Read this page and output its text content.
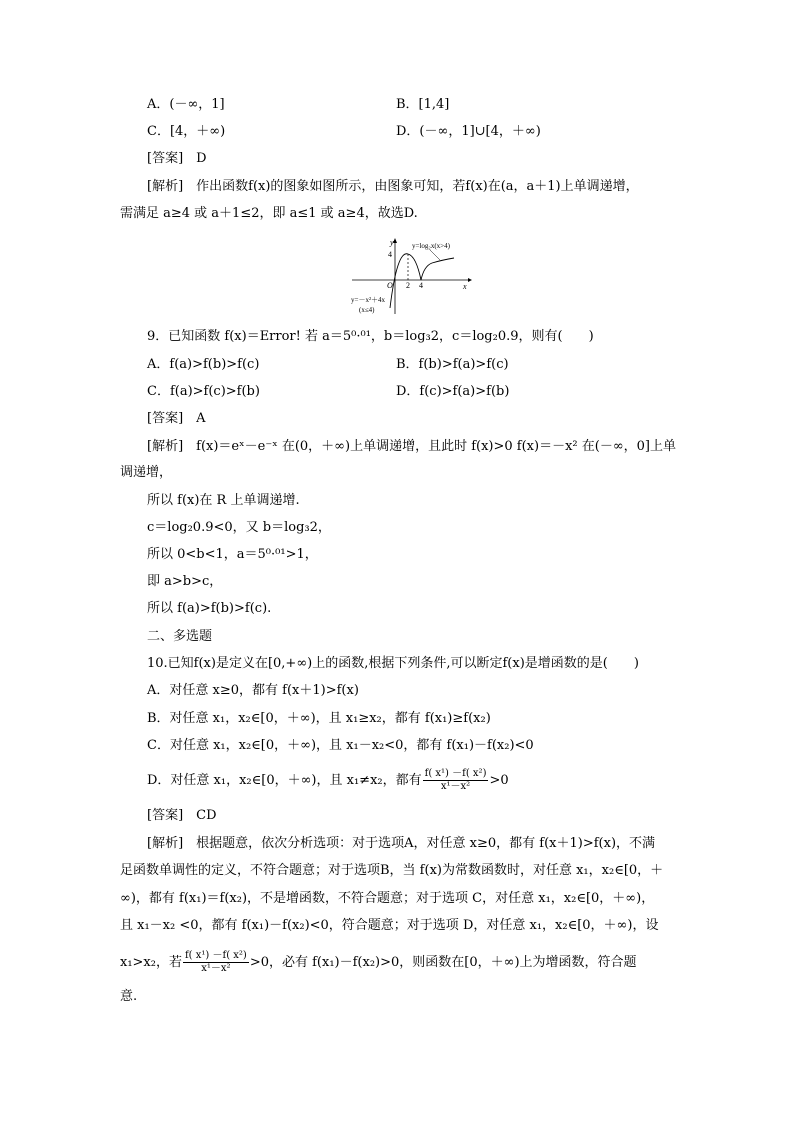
A．(－∞，1]	B．[1,4]
C．[4，＋∞)	D．(－∞，1]∪[4，＋∞)
[答案]　D
[解析]　作出函数f(x)的图象如图所示，由图象可知，若f(x)在(a，a＋1)上单调递增，
需满足 a≥4 或 a＋1≤2，即 a≤1 或 a≥4，故选D.
y
x
O
4
2 4
y=log₂x(x>4)
y=－x²＋4x
(x≤4)
9．已知函数 f(x)＝Error! 若 a＝5⁰·⁰¹，b＝log₃2，c＝log₂0.9，则有(　　)
A．f(a)>f(b)>f(c)	B．f(b)>f(a)>f(c)
C．f(a)>f(c)>f(b)	D．f(c)>f(a)>f(b)
[答案]　A
[解析]　f(x)＝eˣ－e⁻ˣ 在(0，＋∞)上单调递增，且此时 f(x)>0 f(x)＝－x² 在(－∞，0]上单
调递增，
所以 f(x)在 R 上单调递增.
c＝log₂0.9<0，又 b＝log₃2，
所以 0<b<1，a＝5⁰·⁰¹>1，
即 a>b>c，
所以 f(a)>f(b)>f(c).
二、多选题
10.已知f(x)是定义在[0,+∞)上的函数,根据下列条件,可以断定f(x)是增函数的是(　　)
A．对任意 x≥0，都有 f(x＋1)>f(x)
B．对任意 x₁，x₂∈[0，＋∞)，且 x₁≥x₂，都有 f(x₁)≥f(x₂)
C．对任意 x₁，x₂∈[0，＋∞)，且 x₁－x₂<0，都有 f(x₁)－f(x₂)<0
D．对任意 x₁，x₂∈[0，＋∞)，且 x₁≠x₂，都有 $\frac{\text{f( x¹) －f( x²)}}{\text{x¹－x²}} >0$
[答案]　CD
[解析]　根据题意，依次分析选项：对于选项A，对任意 x≥0，都有 f(x＋1)>f(x)，不满
足函数单调性的定义，不符合题意；对于选项B，当 f(x)为常数函数时，对任意 x₁，x₂∈[0，＋
∞)，都有 f(x₁)＝f(x₂)，不是增函数，不符合题意；对于选项 C，对任意 x₁，x₂∈[0，＋∞)，
且 x₁－x₂ <0，都有 f(x₁)－f(x₂)<0，符合题意；对于选项 D，对任意 x₁，x₂∈[0，＋∞)，设
x₁>x₂，若 $\frac{\text{f( x¹) －f( x²)}}{\text{x¹－x²}} >0$，必有 f(x₁)－f(x₂)>0，则函数在[0，＋∞)上为增函数，符合题
意.
